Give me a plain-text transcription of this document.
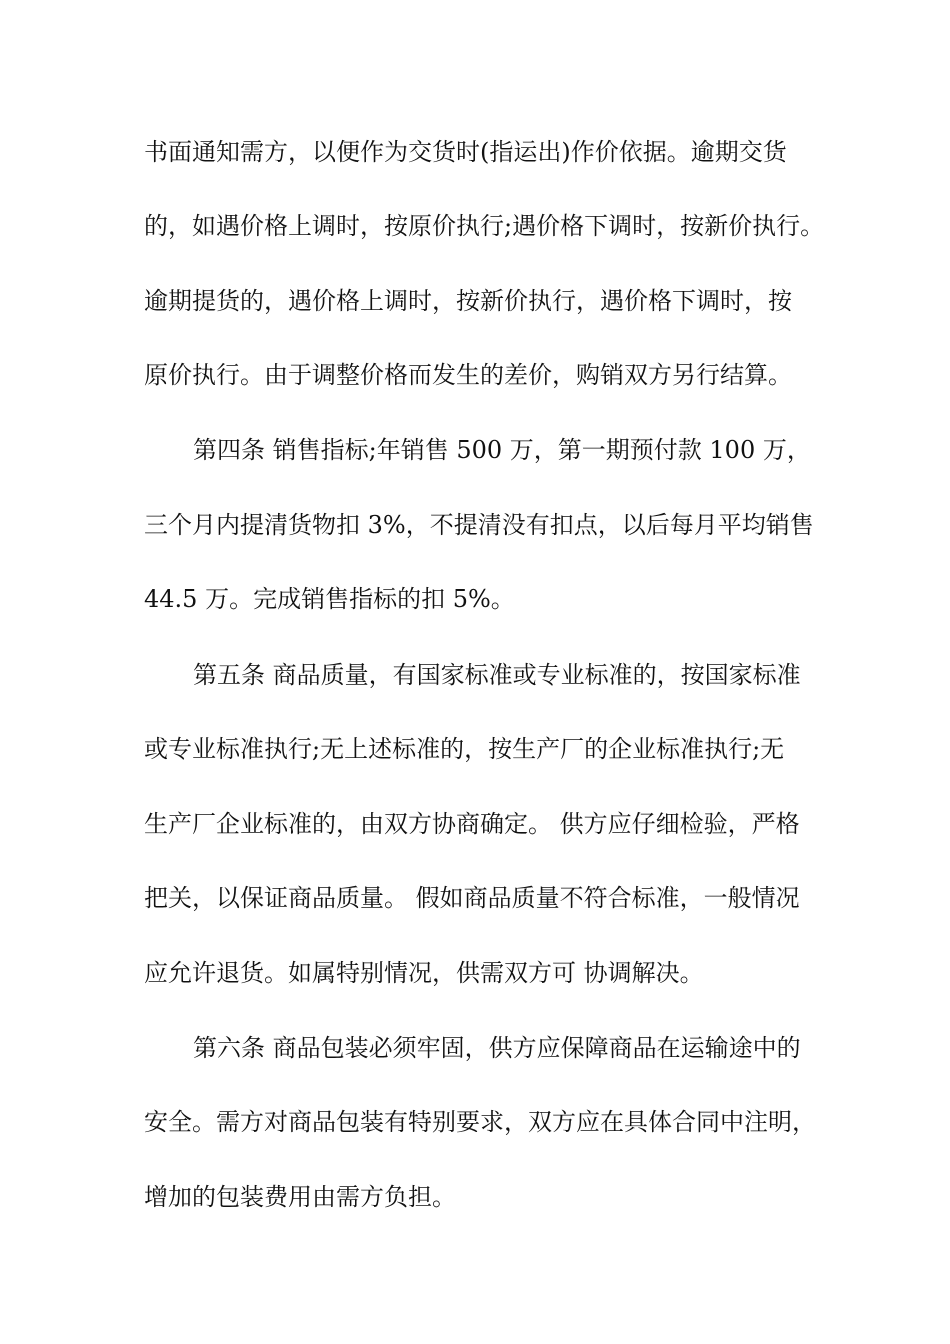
书面通知需方，以便作为交货时(指运出)作价依据。逾期交货
的，如遇价格上调时，按原价执行;遇价格下调时，按新价执行。
逾期提货的，遇价格上调时，按新价执行，遇价格下调时，按
原价执行。由于调整价格而发生的差价，购销双方另行结算。
第四条 销售指标;年销售 500 万，第一期预付款 100 万，
三个月内提清货物扣 3%，不提清没有扣点，以后每月平均销售
44.5 万。完成销售指标的扣 5%。
第五条 商品质量，有国家标准或专业标准的，按国家标准
或专业标准执行;无上述标准的，按生产厂的企业标准执行;无
生产厂企业标准的，由双方协商确定。 供方应仔细检验，严格
把关，以保证商品质量。 假如商品质量不符合标准，一般情况
应允许退货。如属特别情况，供需双方可 协调解决。
第六条 商品包装必须牢固，供方应保障商品在运输途中的
安全。需方对商品包装有特别要求，双方应在具体合同中注明，
增加的包装费用由需方负担。
